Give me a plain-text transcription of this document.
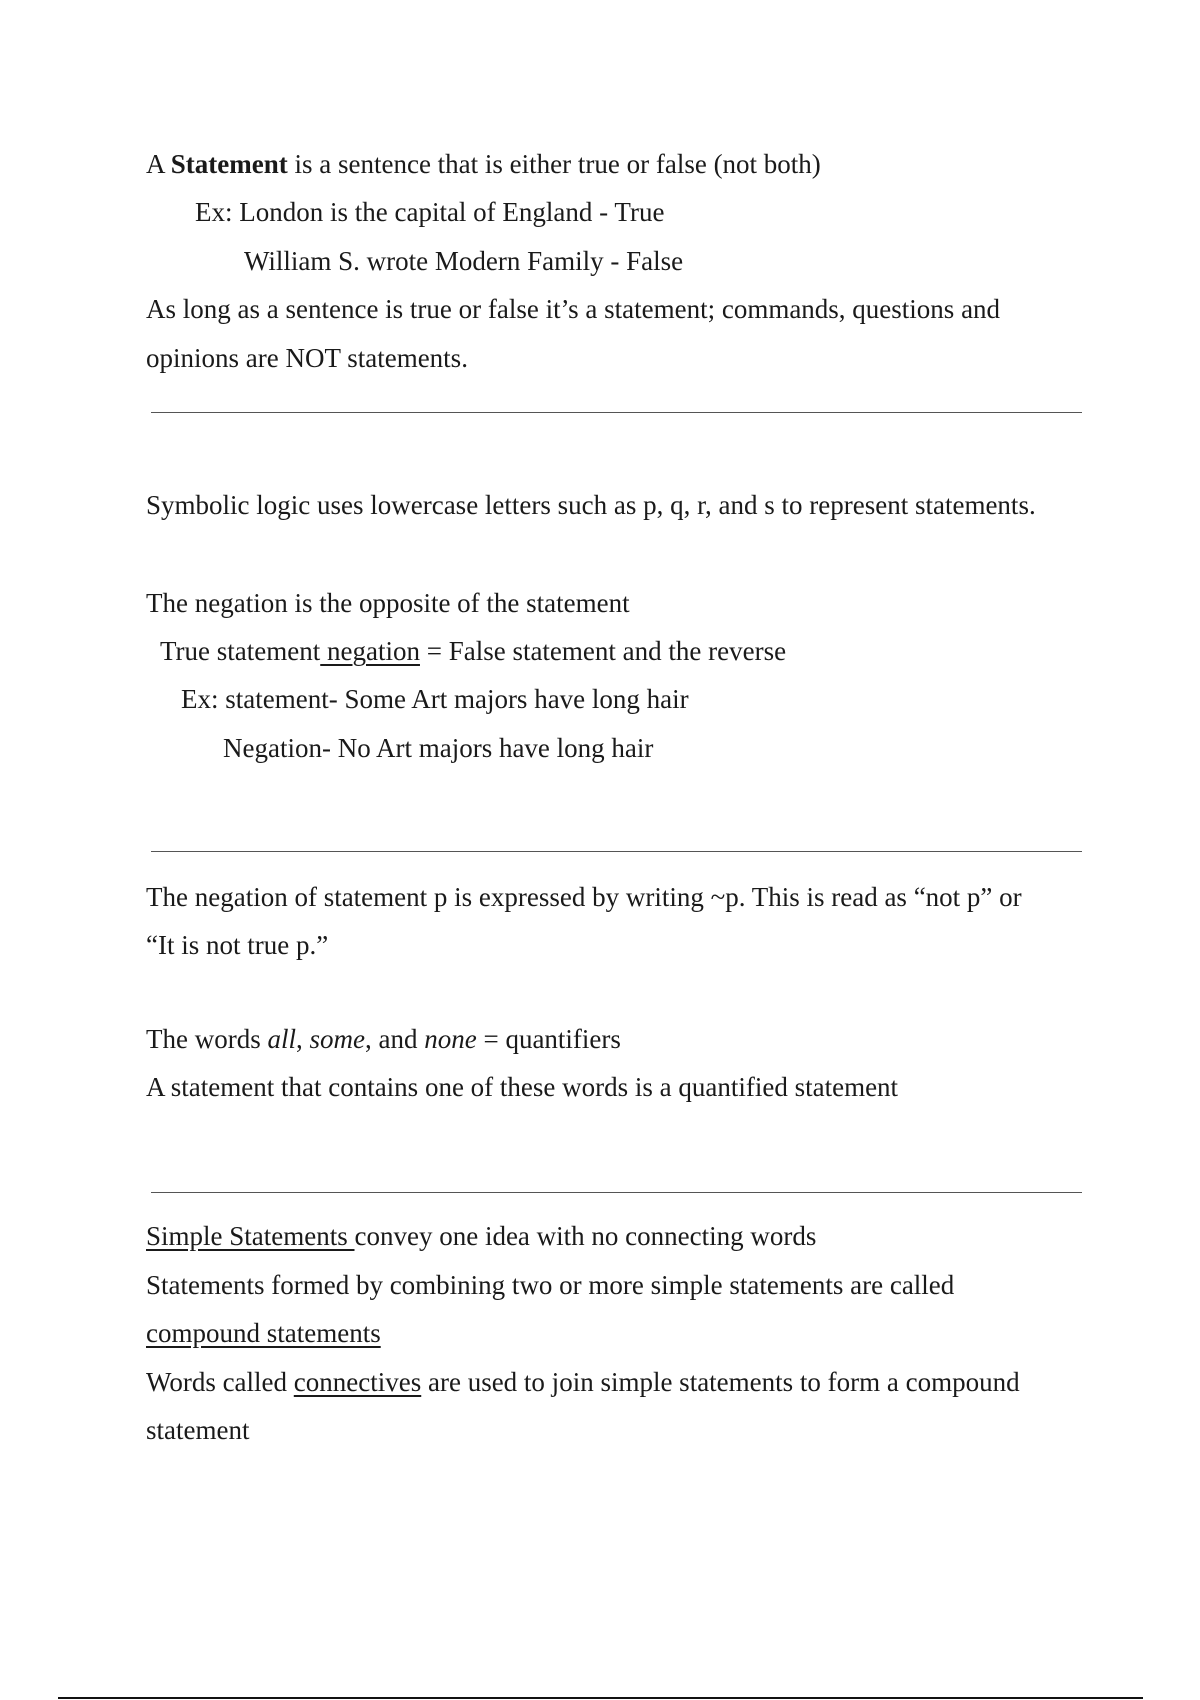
A Statement is a sentence that is either true or false (not both)

Ex: London is the capital of England - True

William S. wrote Modern Family - False

As long as a sentence is true or false it’s a statement; commands, questions and

opinions are NOT statements.

Symbolic logic uses lowercase letters such as p, q, r, and s to represent statements.

The negation is the opposite of the statement

True statement negation = False statement and the reverse

Ex: statement- Some Art majors have long hair

Negation- No Art majors have long hair

The negation of statement p is expressed by writing ~p. This is read as “not p” or

“It is not true p.”

The words all, some, and none = quantifiers

A statement that contains one of these words is a quantified statement

Simple Statements convey one idea with no connecting words

Statements formed by combining two or more simple statements are called

compound statements

Words called connectives are used to join simple statements to form a compound

statement
